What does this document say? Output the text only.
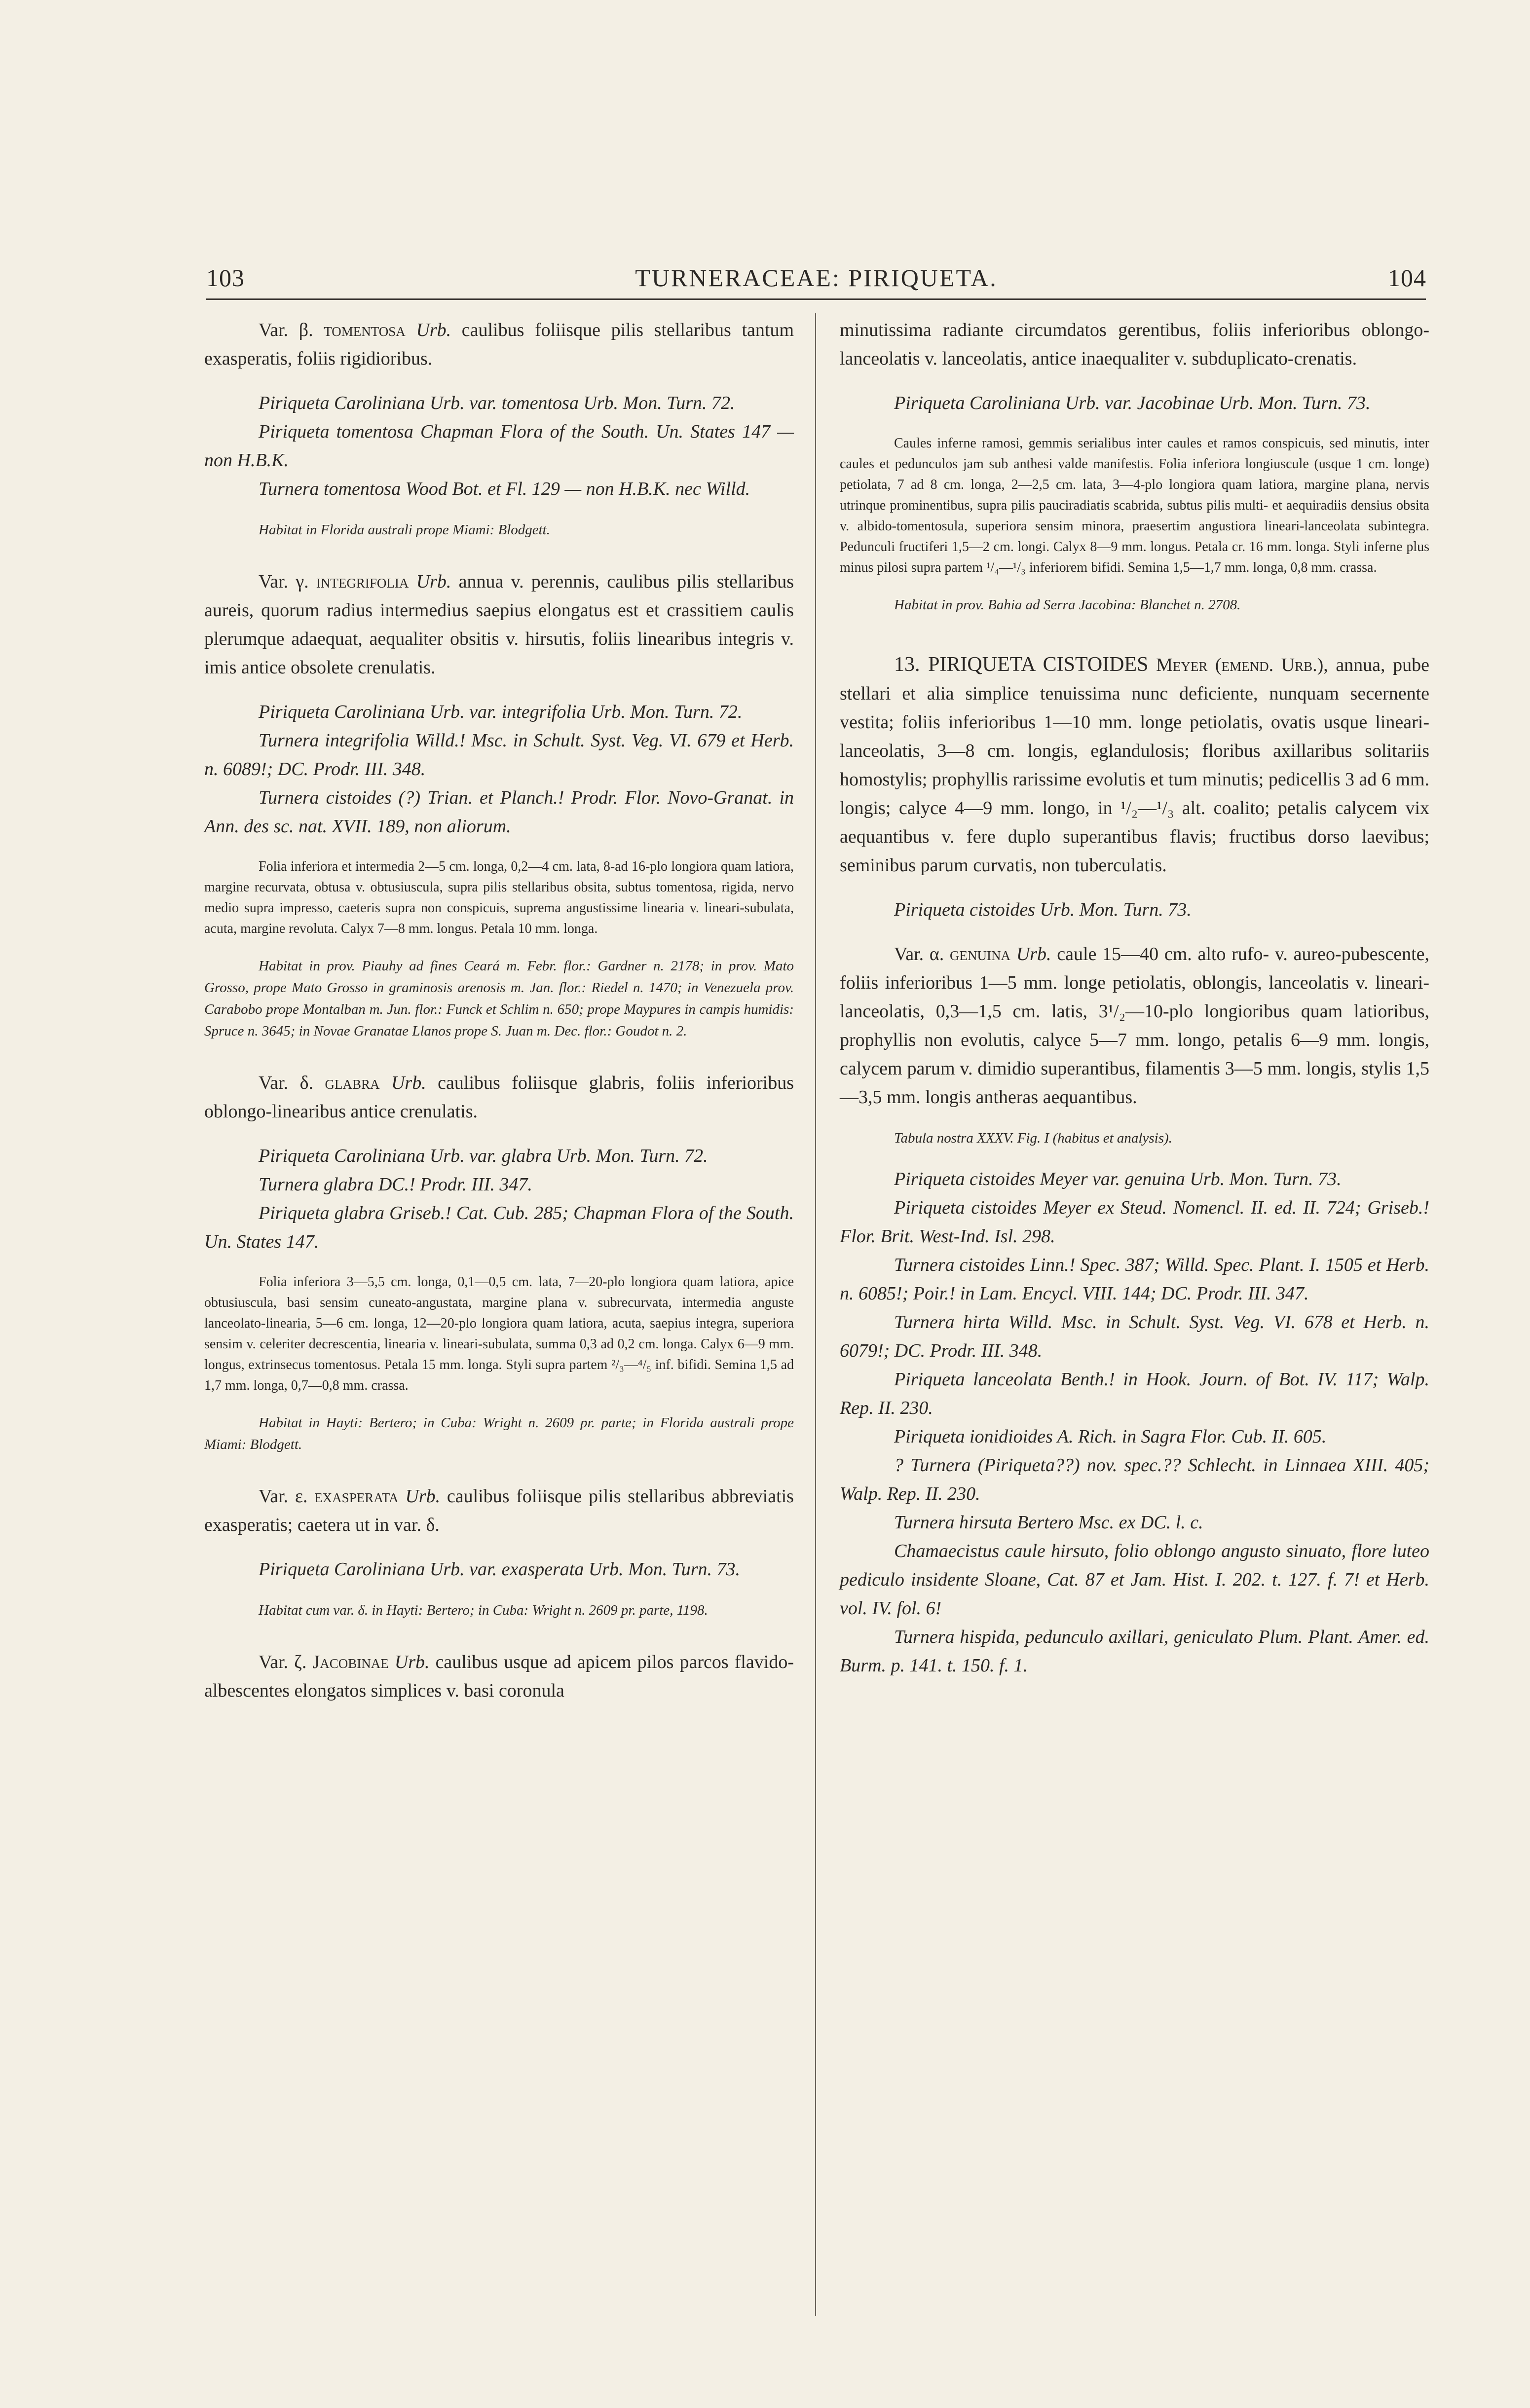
103	TURNERACEAE: PIRIQUETA.	104

Var. β. tomentosa Urb. caulibus foliisque pilis stellaribus tantum exasperatis, foliis rigidioribus.

Piriqueta Caroliniana Urb. var. tomentosa Urb. Mon. Turn. 72.

Piriqueta tomentosa Chapman Flora of the South. Un. States 147 — non H.B.K.

Turnera tomentosa Wood Bot. et Fl. 129 — non H.B.K. nec Willd.

Habitat in Florida australi prope Miami: Blodgett.

Var. γ. integrifolia Urb. annua v. perennis, caulibus pilis stellaribus aureis, quorum radius intermedius saepius elongatus est et crassitiem caulis plerumque adaequat, aequaliter obsitis v. hirsutis, foliis linearibus integris v. imis antice obsolete crenulatis.

Piriqueta Caroliniana Urb. var. integrifolia Urb. Mon. Turn. 72.

Turnera integrifolia Willd.! Msc. in Schult. Syst. Veg. VI. 679 et Herb. n. 6089!; DC. Prodr. III. 348.

Turnera cistoides (?) Trian. et Planch.! Prodr. Flor. Novo-Granat. in Ann. des sc. nat. XVII. 189, non aliorum.

Folia inferiora et intermedia 2—5 cm. longa, 0,2—4 cm. lata, 8-ad 16-plo longiora quam latiora, margine recurvata, obtusa v. obtusiuscula, supra pilis stellaribus obsita, subtus tomentosa, rigida, nervo medio supra impresso, caeteris supra non conspicuis, suprema angustissime linearia v. lineari-subulata, acuta, margine revoluta. Calyx 7—8 mm. longus. Petala 10 mm. longa.

Habitat in prov. Piauhy ad fines Ceará m. Febr. flor.: Gardner n. 2178; in prov. Mato Grosso, prope Mato Grosso in graminosis arenosis m. Jan. flor.: Riedel n. 1470; in Venezuela prov. Carabobo prope Montalban m. Jun. flor.: Funck et Schlim n. 650; prope Maypures in campis humidis: Spruce n. 3645; in Novae Granatae Llanos prope S. Juan m. Dec. flor.: Goudot n. 2.

Var. δ. glabra Urb. caulibus foliisque glabris, foliis inferioribus oblongo-linearibus antice crenulatis.

Piriqueta Caroliniana Urb. var. glabra Urb. Mon. Turn. 72.

Turnera glabra DC.! Prodr. III. 347.

Piriqueta glabra Griseb.! Cat. Cub. 285; Chapman Flora of the South. Un. States 147.

Folia inferiora 3—5,5 cm. longa, 0,1—0,5 cm. lata, 7—20-plo longiora quam latiora, apice obtusiuscula, basi sensim cuneato-angustata, margine plana v. subrecurvata, intermedia anguste lanceolato-linearia, 5—6 cm. longa, 12—20-plo longiora quam latiora, acuta, saepius integra, superiora sensim v. celeriter decrescentia, linearia v. lineari-subulata, summa 0,3 ad 0,2 cm. longa. Calyx 6—9 mm. longus, extrinsecus tomentosus. Petala 15 mm. longa. Styli supra partem ²/₃—⁴/₅ inf. bifidi. Semina 1,5 ad 1,7 mm. longa, 0,7—0,8 mm. crassa.

Habitat in Hayti: Bertero; in Cuba: Wright n. 2609 pr. parte; in Florida australi prope Miami: Blodgett.

Var. ε. exasperata Urb. caulibus foliisque pilis stellaribus abbreviatis exasperatis; caetera ut in var. δ.

Piriqueta Caroliniana Urb. var. exasperata Urb. Mon. Turn. 73.

Habitat cum var. δ. in Hayti: Bertero; in Cuba: Wright n. 2609 pr. parte, 1198.

Var. ζ. Jacobinae Urb. caulibus usque ad apicem pilos parcos flavido-albescentes elongatos simplices v. basi coronula

minutissima radiante circumdatos gerentibus, foliis inferioribus oblongo-lanceolatis v. lanceolatis, antice inaequaliter v. subduplicato-crenatis.

Piriqueta Caroliniana Urb. var. Jacobinae Urb. Mon. Turn. 73.

Caules inferne ramosi, gemmis serialibus inter caules et ramos conspicuis, sed minutis, inter caules et pedunculos jam sub anthesi valde manifestis. Folia inferiora longiuscule (usque 1 cm. longe) petiolata, 7 ad 8 cm. longa, 2—2,5 cm. lata, 3—4-plo longiora quam latiora, margine plana, nervis utrinque prominentibus, supra pilis pauciradiatis scabrida, subtus pilis multi- et aequiradiis densius obsita v. albido-tomentosula, superiora sensim minora, praesertim angustiora lineari-lanceolata subintegra. Pedunculi fructiferi 1,5—2 cm. longi. Calyx 8—9 mm. longus. Petala cr. 16 mm. longa. Styli inferne plus minus pilosi supra partem ¹/₄—¹/₃ inferiorem bifidi. Semina 1,5—1,7 mm. longa, 0,8 mm. crassa.

Habitat in prov. Bahia ad Serra Jacobina: Blanchet n. 2708.

13. PIRIQUETA CISTOIDES Meyer (emend. Urb.), annua, pube stellari et alia simplice tenuissima nunc deficiente, nunquam secernente vestita; foliis inferioribus 1—10 mm. longe petiolatis, ovatis usque lineari-lanceolatis, 3—8 cm. longis, eglandulosis; floribus axillaribus solitariis homostylis; prophyllis rarissime evolutis et tum minutis; pedicellis 3 ad 6 mm. longis; calyce 4—9 mm. longo, in ¹/₂—¹/₃ alt. coalito; petalis calycem vix aequantibus v. fere duplo superantibus flavis; fructibus dorso laevibus; seminibus parum curvatis, non tuberculatis.

Piriqueta cistoides Urb. Mon. Turn. 73.

Var. α. genuina Urb. caule 15—40 cm. alto rufo- v. aureo-pubescente, foliis inferioribus 1—5 mm. longe petiolatis, oblongis, lanceolatis v. lineari-lanceolatis, 0,3—1,5 cm. latis, 3¹/₂—10-plo longioribus quam latioribus, prophyllis non evolutis, calyce 5—7 mm. longo, petalis 6—9 mm. longis, calycem parum v. dimidio superantibus, filamentis 3—5 mm. longis, stylis 1,5—3,5 mm. longis antheras aequantibus.

Tabula nostra XXXV. Fig. I (habitus et analysis).

Piriqueta cistoides Meyer var. genuina Urb. Mon. Turn. 73.

Piriqueta cistoides Meyer ex Steud. Nomencl. II. ed. II. 724; Griseb.! Flor. Brit. West-Ind. Isl. 298.

Turnera cistoides Linn.! Spec. 387; Willd. Spec. Plant. I. 1505 et Herb. n. 6085!; Poir.! in Lam. Encycl. VIII. 144; DC. Prodr. III. 347.

Turnera hirta Willd. Msc. in Schult. Syst. Veg. VI. 678 et Herb. n. 6079!; DC. Prodr. III. 348.

Piriqueta lanceolata Benth.! in Hook. Journ. of Bot. IV. 117; Walp. Rep. II. 230.

Piriqueta ionidioides A. Rich. in Sagra Flor. Cub. II. 605.

? Turnera (Piriqueta??) nov. spec.?? Schlecht. in Linnaea XIII. 405; Walp. Rep. II. 230.

Turnera hirsuta Bertero Msc. ex DC. l. c.

Chamaecistus caule hirsuto, folio oblongo angusto sinuato, flore luteo pediculo insidente Sloane, Cat. 87 et Jam. Hist. I. 202. t. 127. f. 7! et Herb. vol. IV. fol. 6!

Turnera hispida, pedunculo axillari, geniculato Plum. Plant. Amer. ed. Burm. p. 141. t. 150. f. 1.
